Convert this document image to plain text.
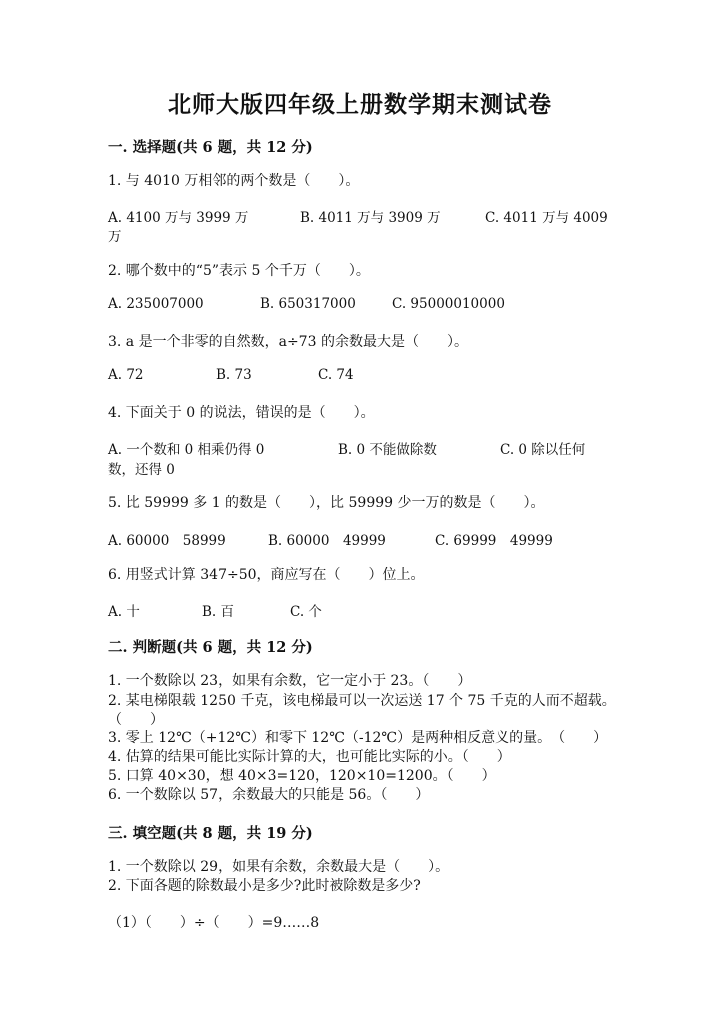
北师大版四年级上册数学期末测试卷
一. 选择题(共 6 题，共 12 分)
1. 与 4010 万相邻的两个数是（　　）。
A. 4100 万与 3999 万	B. 4011 万与 3909 万	C. 4011 万与 4009
万
2. 哪个数中的“5”表示 5 个千万（　　）。
A. 235007000	B. 650317000	C. 95000010000
3. a 是一个非零的自然数，a÷73 的余数最大是（　　）。
A. 72	B. 73	C. 74
4. 下面关于 0 的说法，错误的是（　　）。
A. 一个数和 0 相乘仍得 0	B. 0 不能做除数	C. 0 除以任何
数，还得 0
5. 比 59999 多 1 的数是（　　），比 59999 少一万的数是（　　）。
A. 60000　58999	B. 60000　49999	C. 69999　49999
6. 用竖式计算 347÷50，商应写在（　　）位上。
A. 十	B. 百	C. 个
二. 判断题(共 6 题，共 12 分)
1. 一个数除以 23，如果有余数，它一定小于 23。（　　）
2. 某电梯限载 1250 千克，该电梯最可以一次运送 17 个 75 千克的人而不超载。
（　　）
3. 零上 12℃（+12℃）和零下 12℃（-12℃）是两种相反意义的量。　（　　）
4. 估算的结果可能比实际计算的大，也可能比实际的小。（　　）
5. 口算 40×30，想 40×3=120，120×10=1200。（　　）
6. 一个数除以 57，余数最大的只能是 56。（　　）
三. 填空题(共 8 题，共 19 分)
1. 一个数除以 29，如果有余数，余数最大是（　　）。
2. 下面各题的除数最小是多少?此时被除数是多少?
（1）（　　）÷（　　）=9……8
